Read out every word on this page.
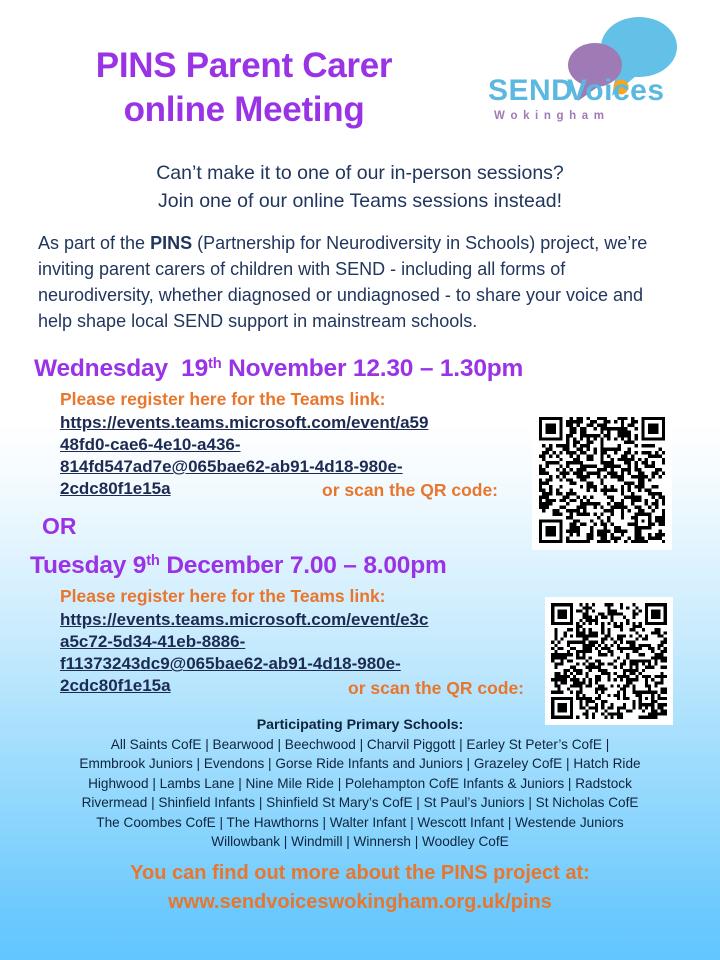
PINS Parent Carer
online Meeting	SEND
Voices
W o k i n g h a m
Can’t make it to one of our in-person sessions?
Join one of our online Teams sessions instead!

As part of the PINS (Partnership for Neurodiversity in Schools) project, we’re inviting parent carers of children with SEND - including all forms of neurodiversity, whether diagnosed or undiagnosed - to share your voice and help shape local SEND support in mainstream schools.

Wednesday 19th November 12.30 – 1.30pm
Please register here for the Teams link:
https://events.teams.microsoft.com/event/a59
48fd0-cae6-4e10-a436-
814fd547ad7e@065bae62-ab91-4d18-980e-
2cdc80f1e15a	or scan the QR code:
OR
Tuesday 9th December 7.00 – 8.00pm
Please register here for the Teams link:
https://events.teams.microsoft.com/event/e3c
a5c72-5d34-41eb-8886-
f11373243dc9@065bae62-ab91-4d18-980e-
2cdc80f1e15a	or scan the QR code:
Participating Primary Schools:
All Saints CofE | Bearwood | Beechwood | Charvil Piggott | Earley St Peter’s CofE |
Emmbrook Juniors | Evendons | Gorse Ride Infants and Juniors | Grazeley CofE | Hatch Ride
Highwood | Lambs Lane | Nine Mile Ride | Polehampton CofE Infants & Juniors | Radstock
Rivermead | Shinfield Infants | Shinfield St Mary’s CofE | St Paul’s Juniors | St Nicholas CofE
The Coombes CofE | The Hawthorns | Walter Infant | Wescott Infant | Westende Juniors
Willowbank | Windmill | Winnersh | Woodley CofE
You can find out more about the PINS project at:
www.sendvoiceswokingham.org.uk/pins
